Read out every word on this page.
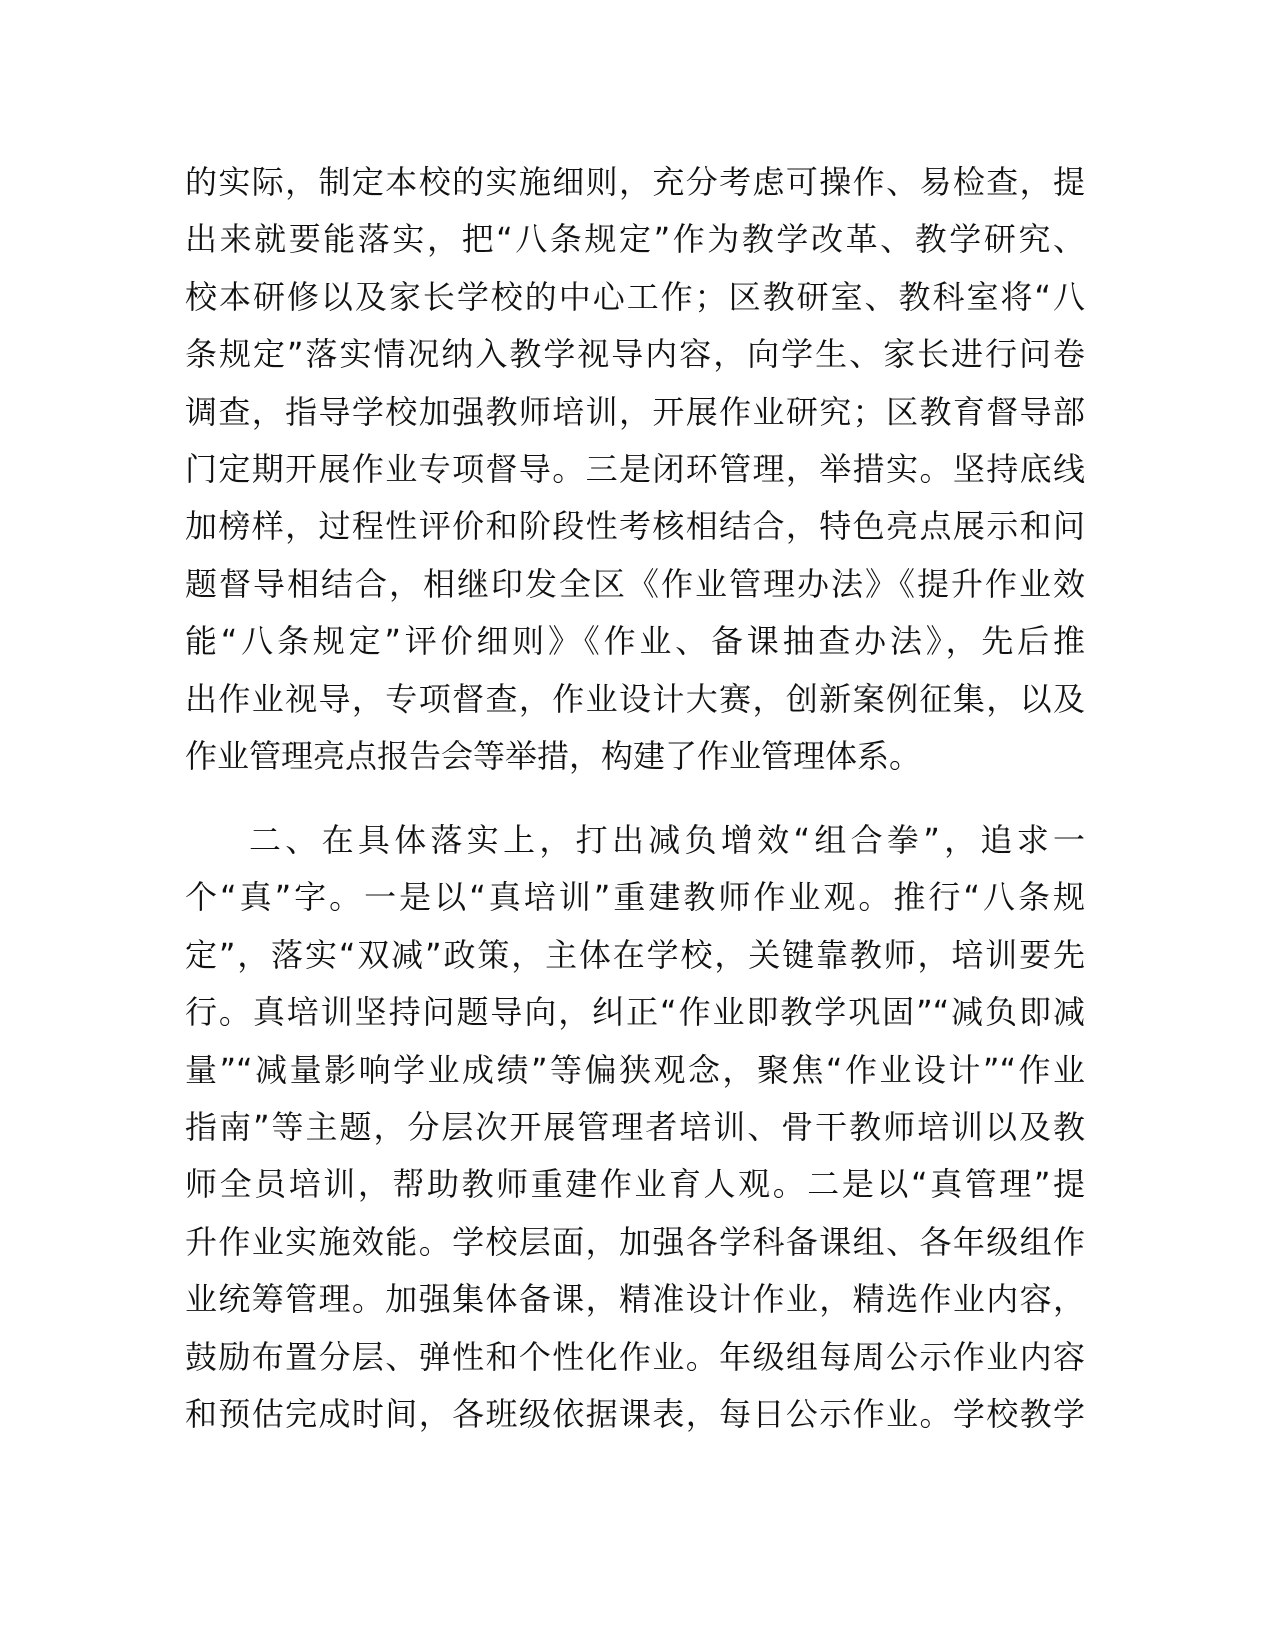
的实际，制定本校的实施细则，充分考虑可操作、易检查，提
出来就要能落实，把“八条规定”作为教学改革、教学研究、
校本研修以及家长学校的中心工作；区教研室、教科室将“八
条规定”落实情况纳入教学视导内容，向学生、家长进行问卷
调查，指导学校加强教师培训，开展作业研究；区教育督导部
门定期开展作业专项督导。三是闭环管理，举措实。坚持底线
加榜样，过程性评价和阶段性考核相结合，特色亮点展示和问
题督导相结合，相继印发全区《作业管理办法》《提升作业效
能“八条规定”评价细则》《作业、备课抽查办法》，先后推
出作业视导，专项督查，作业设计大赛，创新案例征集，以及
作业管理亮点报告会等举措，构建了作业管理体系。
二、在具体落实上，打出减负增效“组合拳”，追求一
个“真”字。一是以“真培训”重建教师作业观。推行“八条规
定”，落实“双减”政策，主体在学校，关键靠教师，培训要先
行。真培训坚持问题导向，纠正“作业即教学巩固”“减负即减
量”“减量影响学业成绩”等偏狭观念，聚焦“作业设计”“作业
指南”等主题，分层次开展管理者培训、骨干教师培训以及教
师全员培训，帮助教师重建作业育人观。二是以“真管理”提
升作业实施效能。学校层面，加强各学科备课组、各年级组作
业统筹管理。加强集体备课，精准设计作业，精选作业内容，
鼓励布置分层、弹性和个性化作业。年级组每周公示作业内容
和预估完成时间，各班级依据课表，每日公示作业。学校教学
